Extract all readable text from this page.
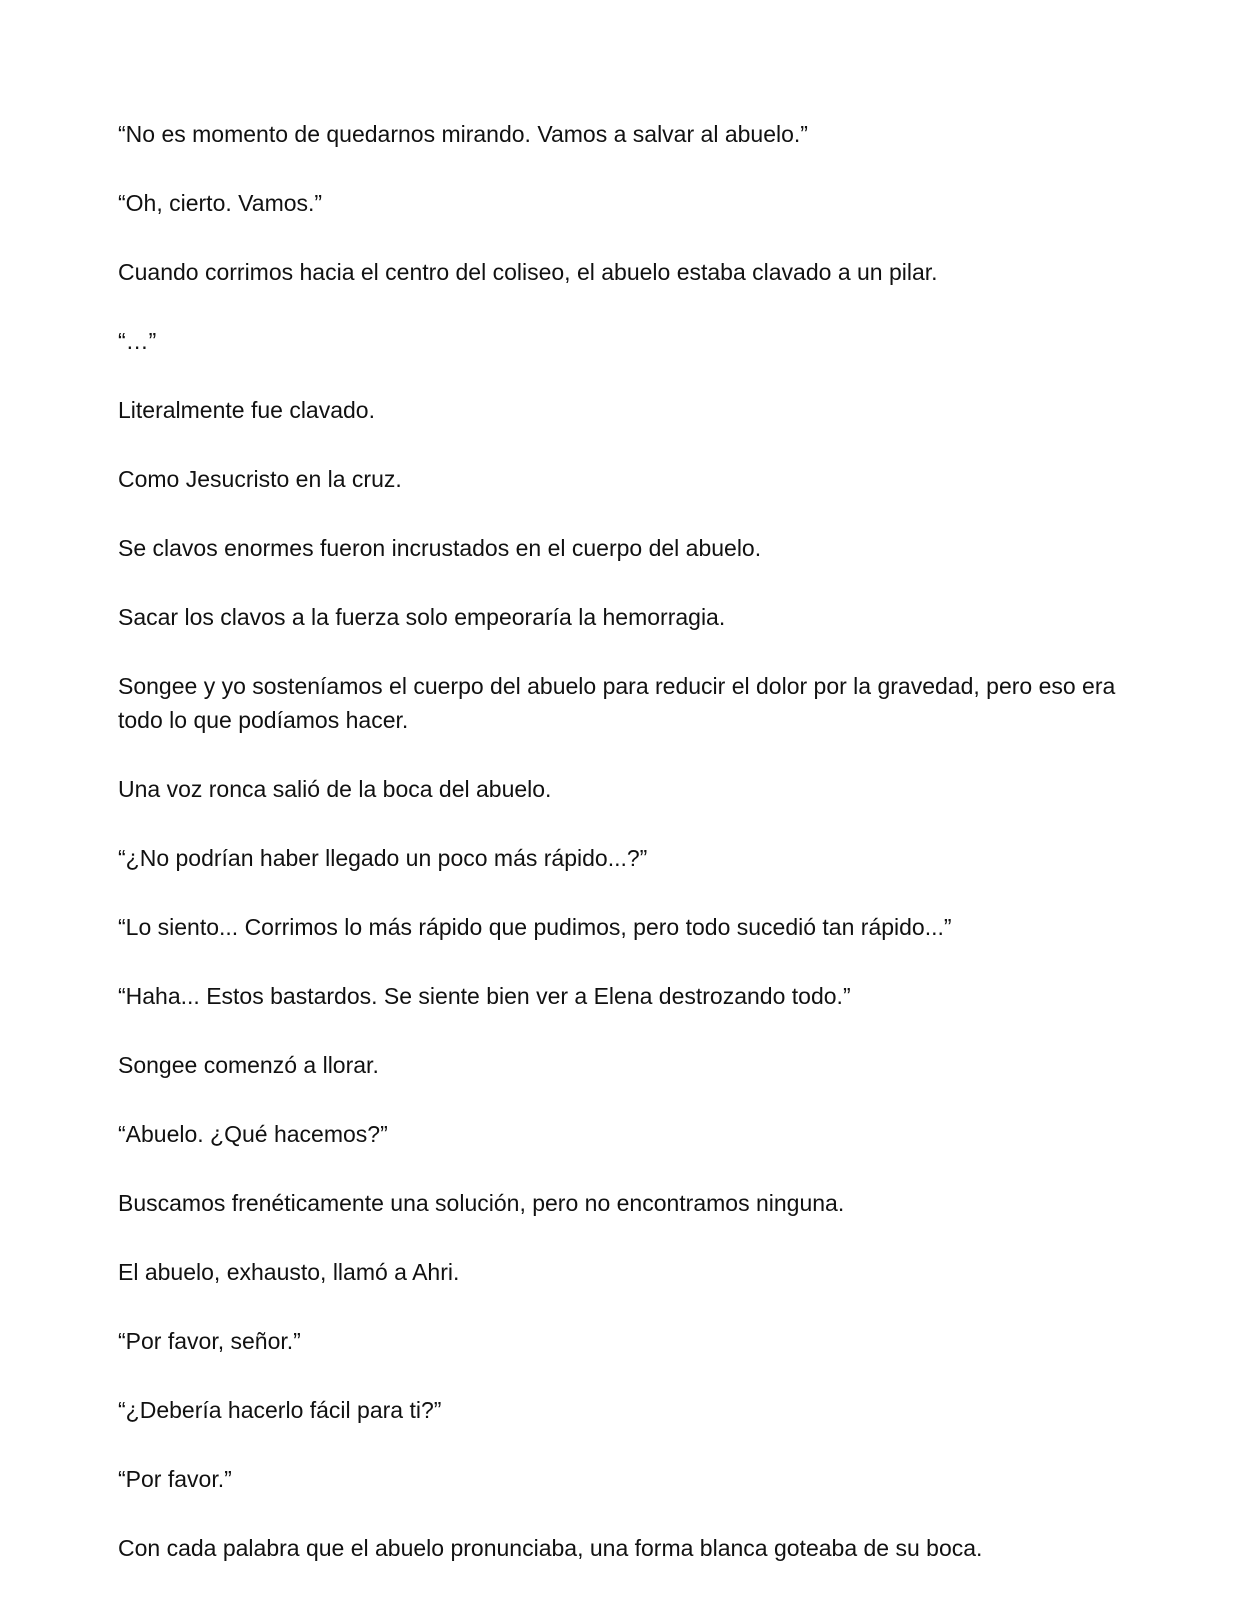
“No es momento de quedarnos mirando. Vamos a salvar al abuelo.”

“Oh, cierto. Vamos.”

Cuando corrimos hacia el centro del coliseo, el abuelo estaba clavado a un pilar.

“…”

Literalmente fue clavado.

Como Jesucristo en la cruz.

Se clavos enormes fueron incrustados en el cuerpo del abuelo.

Sacar los clavos a la fuerza solo empeoraría la hemorragia.

Songee y yo sosteníamos el cuerpo del abuelo para reducir el dolor por la gravedad, pero eso era todo lo que podíamos hacer.

Una voz ronca salió de la boca del abuelo.

“¿No podrían haber llegado un poco más rápido...?”

“Lo siento... Corrimos lo más rápido que pudimos, pero todo sucedió tan rápido...”

“Haha... Estos bastardos. Se siente bien ver a Elena destrozando todo.”

Songee comenzó a llorar.

“Abuelo. ¿Qué hacemos?”

Buscamos frenéticamente una solución, pero no encontramos ninguna.

El abuelo, exhausto, llamó a Ahri.

“Por favor, señor.”

“¿Debería hacerlo fácil para ti?”

“Por favor.”

Con cada palabra que el abuelo pronunciaba, una forma blanca goteaba de su boca.
